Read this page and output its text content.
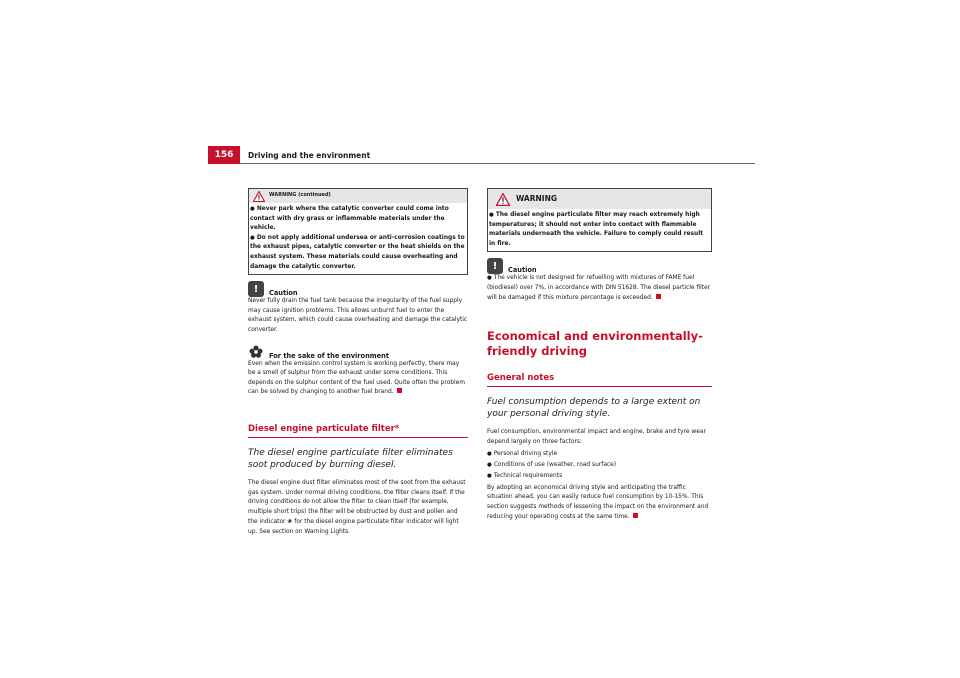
156	Driving and the environment
WARNING (continued)
● Never park where the catalytic converter could come into contact with dry grass or inflammable materials under the vehicle.
● Do not apply additional undersea or anti-corrosion coatings to the exhaust pipes, catalytic converter or the heat shields on the exhaust system. These materials could cause overheating and damage the catalytic converter.
!	Caution

Never fully drain the fuel tank because the irregularity of the fuel supply may cause ignition problems. This allows unburnt fuel to enter the exhaust system, which could cause overheating and damage the catalytic converter.

For the sake of the environment

Even when the emission control system is working perfectly, there may be a smell of sulphur from the exhaust under some conditions. This depends on the sulphur content of the fuel used. Quite often the problem can be solved by changing to another fuel brand.

Diesel engine particulate filter*
The diesel engine particulate filter eliminates soot produced by burning diesel.

The diesel engine dust filter eliminates most of the soot from the exhaust gas system. Under normal driving conditions, the filter cleans itself. If the driving conditions do not allow the filter to clean itself (for example, multiple short trips) the filter will be obstructed by dust and pollen and the indicator ❀ for the diesel engine particulate filter indicator will light up. See section on Warning Lights.

WARNING
● The diesel engine particulate filter may reach extremely high temperatures; it should not enter into contact with flammable materials underneath the vehicle. Failure to comply could result in fire.
!	Caution

● The vehicle is not designed for refuelling with mixtures of FAME fuel (biodiesel) over 7%, in accordance with DIN 51628. The diesel particle filter will be damaged if this mixture percentage is exceeded.

Economical and environmentally-friendly driving
General notes
Fuel consumption depends to a large extent on your personal driving style.

Fuel consumption, environmental impact and engine, brake and tyre wear depend largely on three factors:

● Personal driving style
● Conditions of use (weather, road surface)
● Technical requirements

By adopting an economical driving style and anticipating the traffic situation ahead, you can easily reduce fuel consumption by 10-15%. This section suggests methods of lessening the impact on the environment and reducing your operating costs at the same time.
